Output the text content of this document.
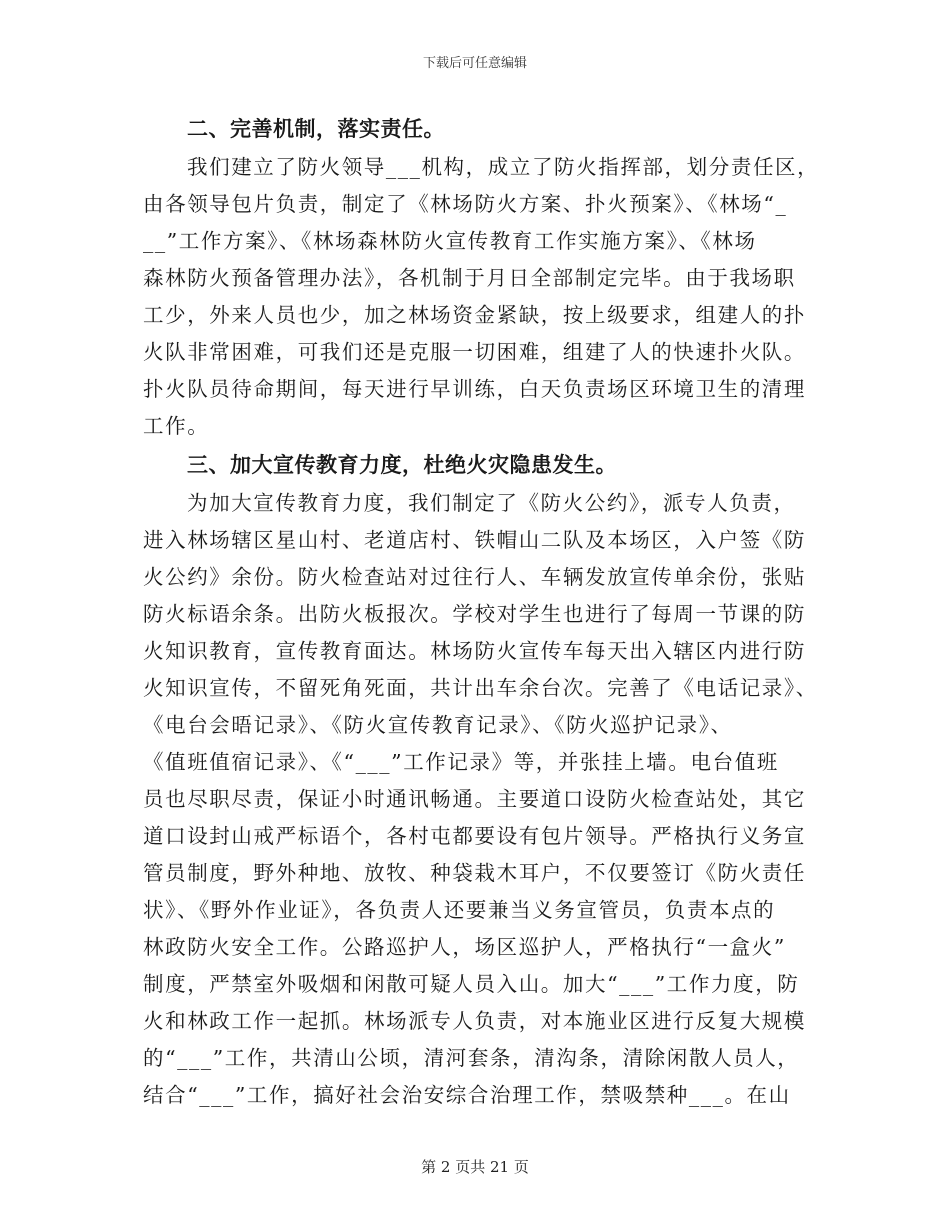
下载后可任意编辑
二、完善机制，落实责任。
我们建立了防火领导___机构，成立了防火指挥部，划分责任区，
由各领导包片负责，制定了《林场防火方案、扑火预案》、《林场“_
__”工作方案》、《林场森林防火宣传教育工作实施方案》、《林场
森林防火预备管理办法》，各机制于月日全部制定完毕。由于我场职
工少，外来人员也少，加之林场资金紧缺，按上级要求，组建人的扑
火队非常困难，可我们还是克服一切困难，组建了人的快速扑火队。
扑火队员待命期间，每天进行早训练，白天负责场区环境卫生的清理
工作。
三、加大宣传教育力度，杜绝火灾隐患发生。
为加大宣传教育力度，我们制定了《防火公约》，派专人负责，
进入林场辖区星山村、老道店村、铁帽山二队及本场区，入户签《防
火公约》余份。防火检查站对过往行人、车辆发放宣传单余份，张贴
防火标语余条。出防火板报次。学校对学生也进行了每周一节课的防
火知识教育，宣传教育面达。林场防火宣传车每天出入辖区内进行防
火知识宣传，不留死角死面，共计出车余台次。完善了《电话记录》、
《电台会晤记录》、《防火宣传教育记录》、《防火巡护记录》、
《值班值宿记录》、《“___”工作记录》等，并张挂上墙。电台值班
员也尽职尽责，保证小时通讯畅通。主要道口设防火检查站处，其它
道口设封山戒严标语个，各村屯都要设有包片领导。严格执行义务宣
管员制度，野外种地、放牧、种袋栽木耳户，不仅要签订《防火责任
状》、《野外作业证》，各负责人还要兼当义务宣管员，负责本点的
林政防火安全工作。公路巡护人，场区巡护人，严格执行“一盒火”
制度，严禁室外吸烟和闲散可疑人员入山。加大“___”工作力度，防
火和林政工作一起抓。林场派专人负责，对本施业区进行反复大规模
的“___”工作，共清山公顷，清河套条，清沟条，清除闲散人员人，
结合“___”工作，搞好社会治安综合治理工作，禁吸禁种___。在山
第 2 页共 21 页
